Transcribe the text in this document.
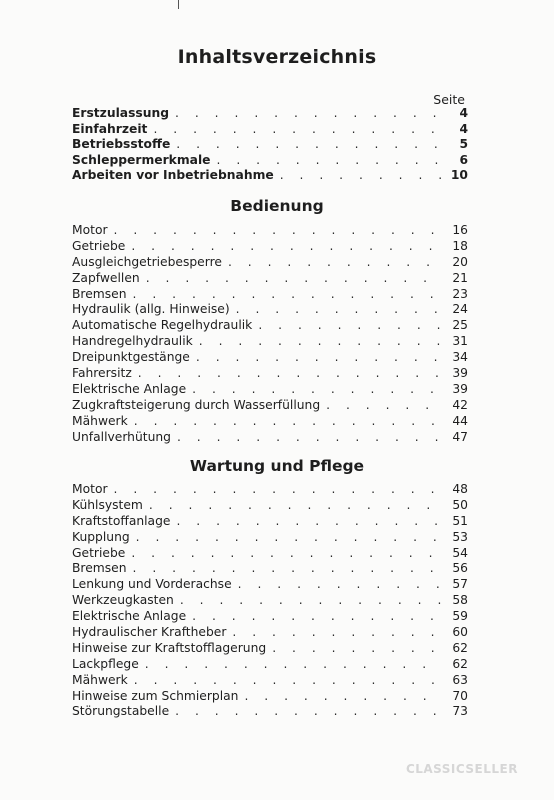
Inhaltsverzeichnis
Seite
Erstzulassung . . .	4
Einfahrzeit . . .	4
Betriebsstoffe . . .	5
Schleppermerkmale . . .	6
Arbeiten vor Inbetriebnahme . . .	10
Bedienung
Motor . . .	16
Getriebe . . .	18
Ausgleichgetriebesperre . . .	20
Zapfwellen . . .	21
Bremsen . . .	23
Hydraulik (allg. Hinweise) . . .	24
Automatische Regelhydraulik . . .	25
Handregelhydraulik . . .	31
Dreipunktgestänge . . .	34
Fahrersitz . . .	39
Elektrische Anlage . . .	39
Zugkraftsteigerung durch Wasserfüllung . . .	42
Mähwerk . . .	44
Unfallverhütung . . .	47
Wartung und Pflege
Motor . . .	48
Kühlsystem . . .	50
Kraftstoffanlage . . .	51
Kupplung . . .	53
Getriebe . . .	54
Bremsen . . .	56
Lenkung und Vorderachse . . .	57
Werkzeugkasten . . .	58
Elektrische Anlage . . .	59
Hydraulischer Kraftheber . . .	60
Hinweise zur Kraftstofflagerung . . .	62
Lackpflege . . .	62
Mähwerk . . .	63
Hinweise zum Schmierplan . . .	70
Störungstabelle . . .	73
CLASSICSELLER
